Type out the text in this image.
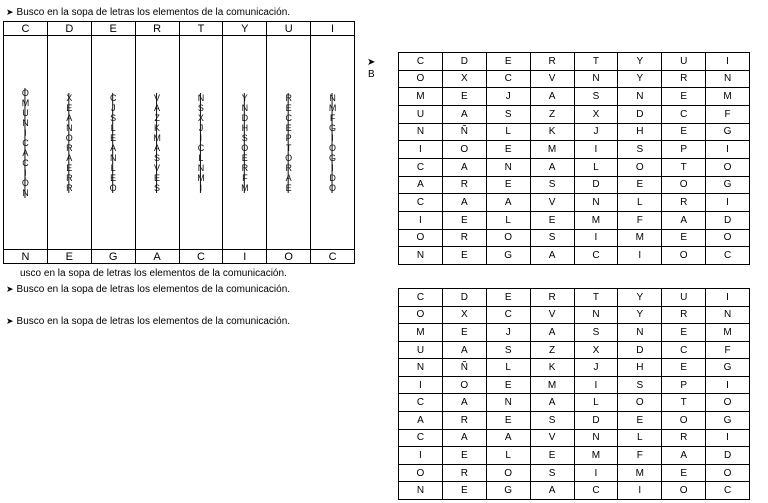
➤ Busco en la sopa de letras los elementos de la comunicación.
C	D	E	R	T	Y	U	I

OMUNICACIÓN	XEANORAERR	CJSLEANLEO	VAZKMASVES	NSXJICLNMI	YNDHSOERFM	RECEPTORAE	NMFGIOGIDO

N	E	G	A	C	I	O	C
➤
B
C	D	E	R	T	Y	U	I
O	X	C	V	N	Y	R	N
M	E	J	A	S	N	E	M
U	A	S	Z	X	D	C	F
N	Ñ	L	K	J	H	E	G
I	O	E	M	I	S	P	I
C	A	N	A	L	O	T	O
A	R	E	S	D	E	O	G
C	A	A	V	N	L	R	I
I	E	L	E	M	F	A	D
O	R	O	S	I	M	E	O
N	E	G	A	C	I	O	C
usco en la sopa de letras los elementos de la comunicación.
➤ Busco en la sopa de letras los elementos de la comunicación.
➤ Busco en la sopa de letras los elementos de la comunicación.
C	D	E	R	T	Y	U	I
O	X	C	V	N	Y	R	N
M	E	J	A	S	N	E	M
U	A	S	Z	X	D	C	F
N	Ñ	L	K	J	H	E	G
I	O	E	M	I	S	P	I
C	A	N	A	L	O	T	O
A	R	E	S	D	E	O	G
C	A	A	V	N	L	R	I
I	E	L	E	M	F	A	D
O	R	O	S	I	M	E	O
N	E	G	A	C	I	O	C
